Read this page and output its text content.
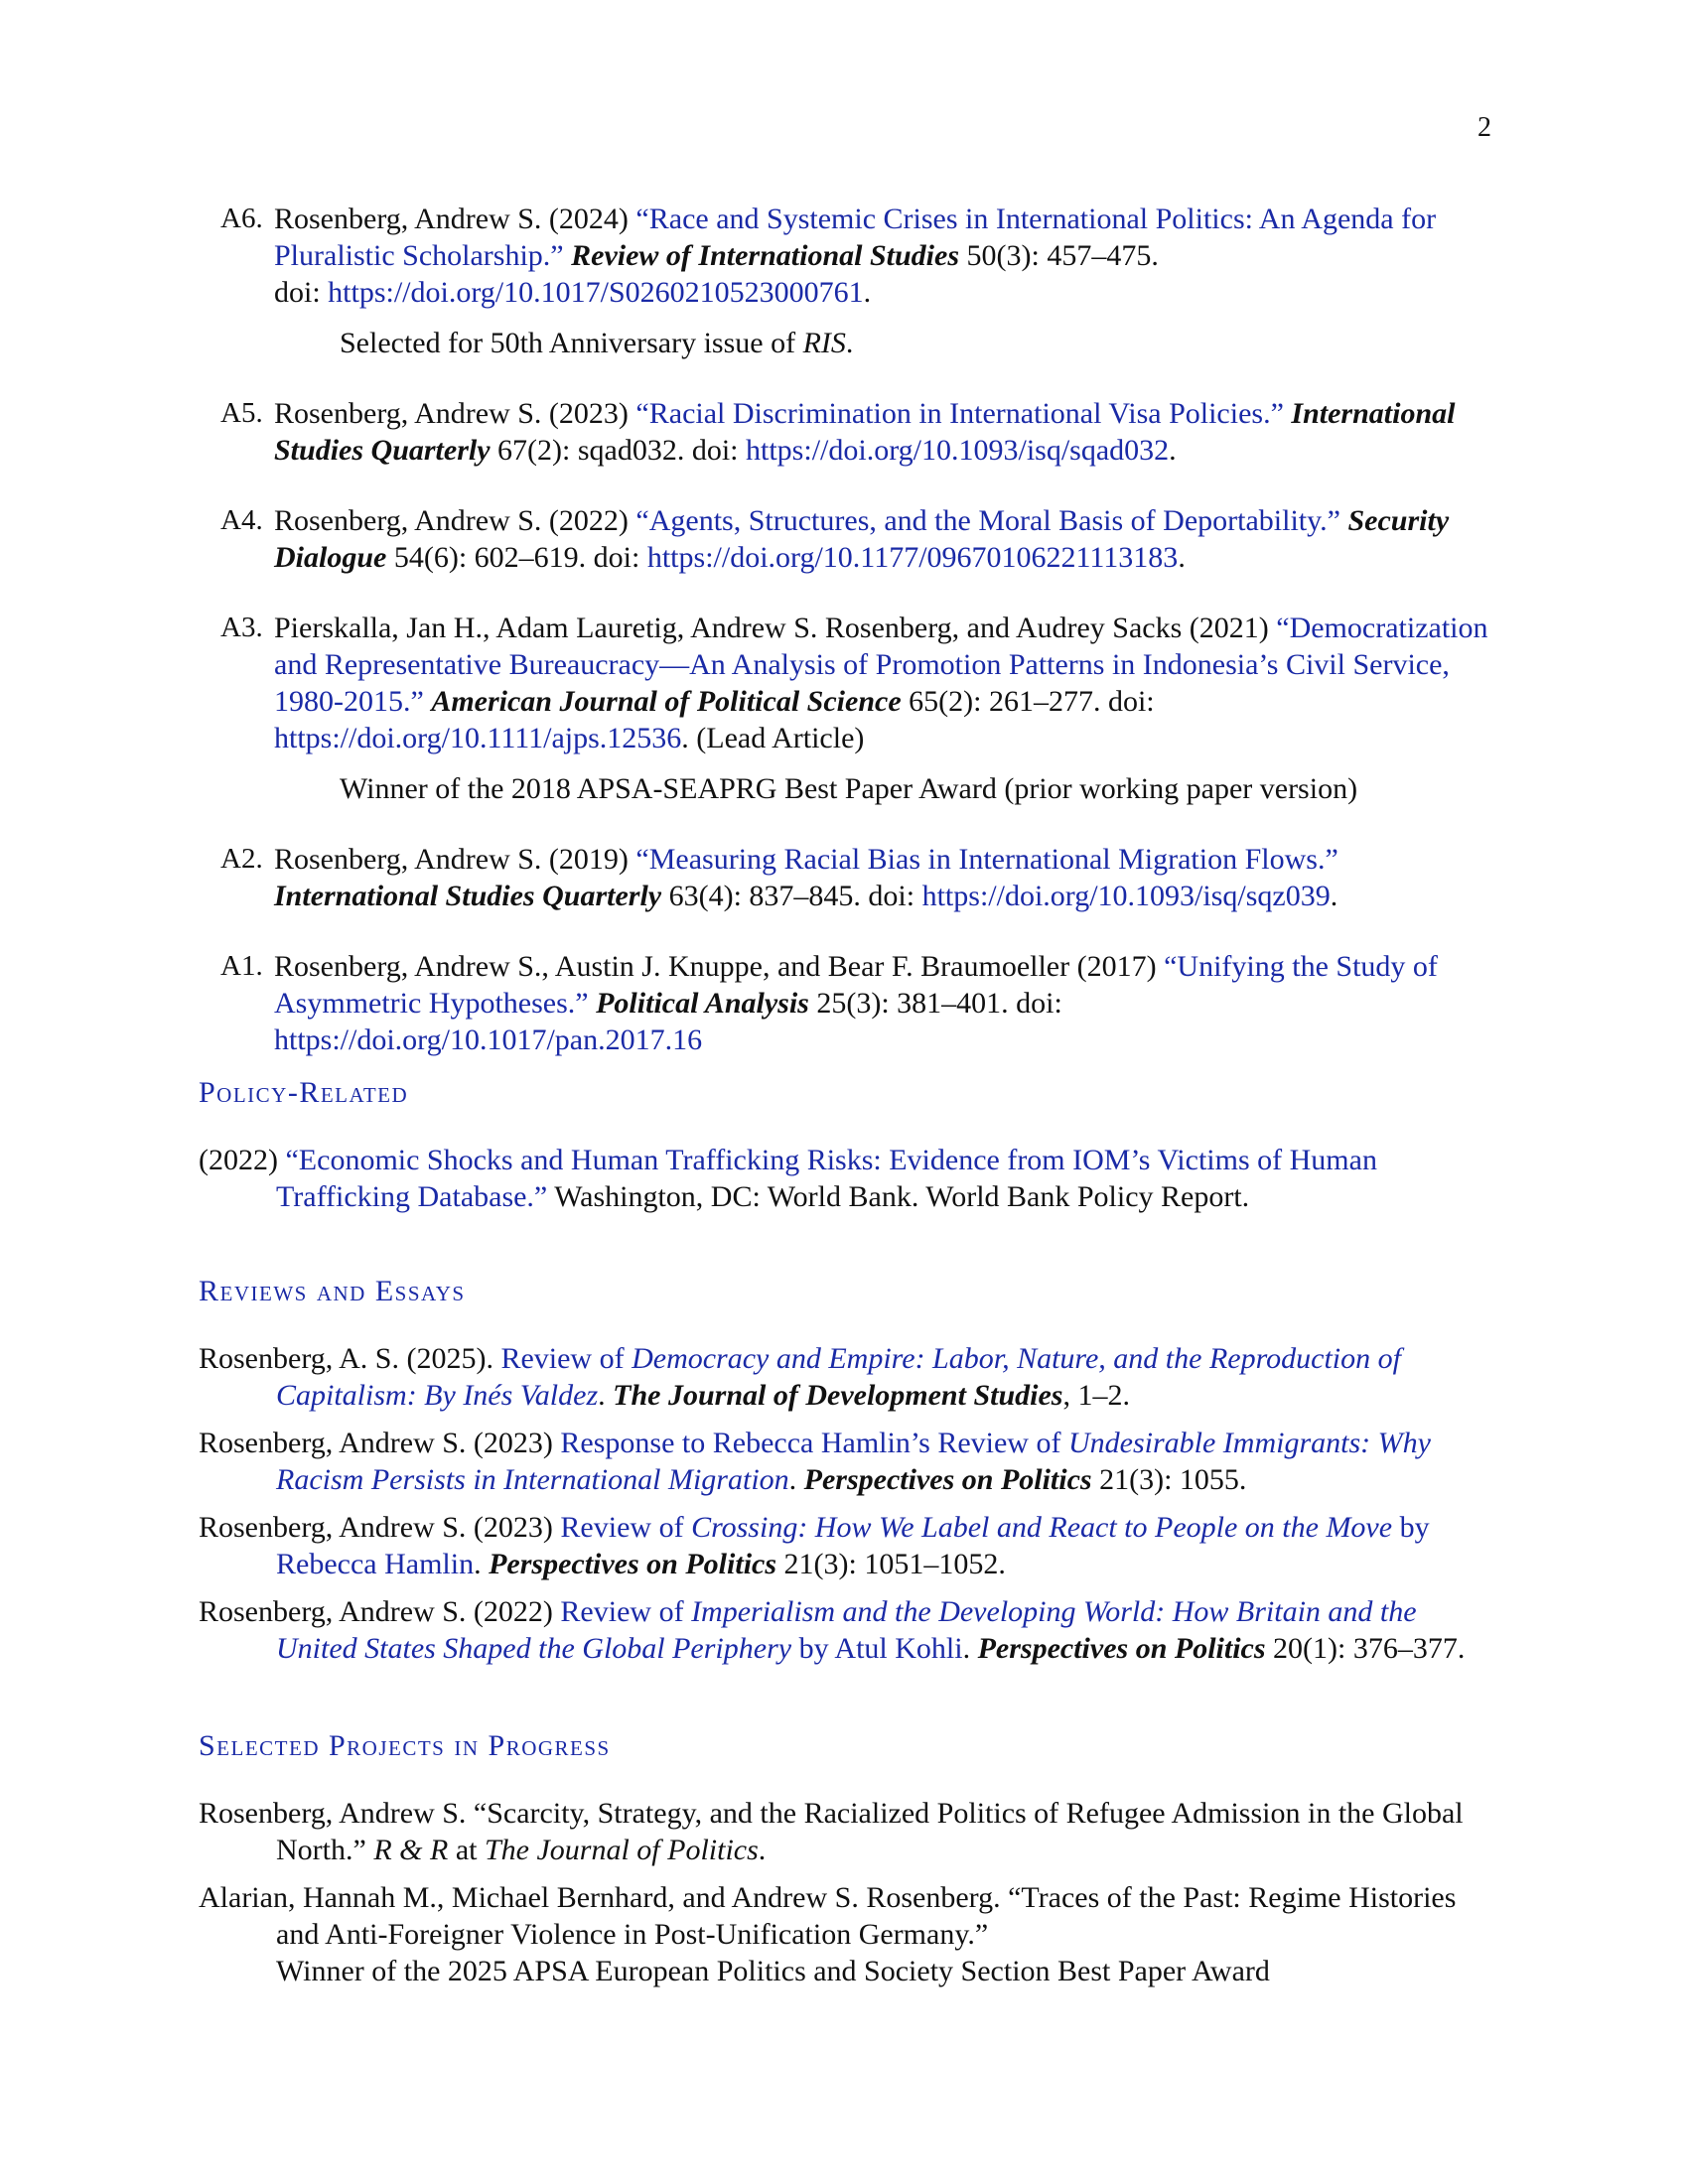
2
A6. Rosenberg, Andrew S. (2024) “Race and Systemic Crises in International Politics: An Agenda for Pluralistic Scholarship.” Review of International Studies 50(3): 457–475.
doi: https://doi.org/10.1017/S0260210523000761.
Selected for 50th Anniversary issue of RIS.
A5. Rosenberg, Andrew S. (2023) “Racial Discrimination in International Visa Policies.” International Studies Quarterly 67(2): sqad032. doi: https://doi.org/10.1093/isq/sqad032.
A4. Rosenberg, Andrew S. (2022) “Agents, Structures, and the Moral Basis of Deportability.” Security Dialogue 54(6): 602–619. doi: https://doi.org/10.1177/09670106221113183.
A3. Pierskalla, Jan H., Adam Lauretig, Andrew S. Rosenberg, and Audrey Sacks (2021) “Democratization and Representative Bureaucracy—An Analysis of Promotion Patterns in Indonesia’s Civil Service, 1980-2015.” American Journal of Political Science 65(2): 261–277. doi: https://doi.org/10.1111/ajps.12536. (Lead Article)
Winner of the 2018 APSA-SEAPRG Best Paper Award (prior working paper version)
A2. Rosenberg, Andrew S. (2019) “Measuring Racial Bias in International Migration Flows.” International Studies Quarterly 63(4): 837–845. doi: https://doi.org/10.1093/isq/sqz039.
A1. Rosenberg, Andrew S., Austin J. Knuppe, and Bear F. Braumoeller (2017) “Unifying the Study of Asymmetric Hypotheses.” Political Analysis 25(3): 381–401. doi: https://doi.org/10.1017/pan.2017.16
Policy-Related
(2022) “Economic Shocks and Human Trafficking Risks: Evidence from IOM’s Victims of Human Trafficking Database.” Washington, DC: World Bank. World Bank Policy Report.
Reviews and Essays
Rosenberg, A. S. (2025). Review of Democracy and Empire: Labor, Nature, and the Reproduction of Capitalism: By Inés Valdez. The Journal of Development Studies, 1–2.
Rosenberg, Andrew S. (2023) Response to Rebecca Hamlin’s Review of Undesirable Immigrants: Why Racism Persists in International Migration. Perspectives on Politics 21(3): 1055.
Rosenberg, Andrew S. (2023) Review of Crossing: How We Label and React to People on the Move by Rebecca Hamlin. Perspectives on Politics 21(3): 1051–1052.
Rosenberg, Andrew S. (2022) Review of Imperialism and the Developing World: How Britain and the United States Shaped the Global Periphery by Atul Kohli. Perspectives on Politics 20(1): 376–377.
Selected Projects in Progress
Rosenberg, Andrew S. “Scarcity, Strategy, and the Racialized Politics of Refugee Admission in the Global North.” R & R at The Journal of Politics.
Alarian, Hannah M., Michael Bernhard, and Andrew S. Rosenberg. “Traces of the Past: Regime Histories and Anti-Foreigner Violence in Post-Unification Germany.”
Winner of the 2025 APSA European Politics and Society Section Best Paper Award
